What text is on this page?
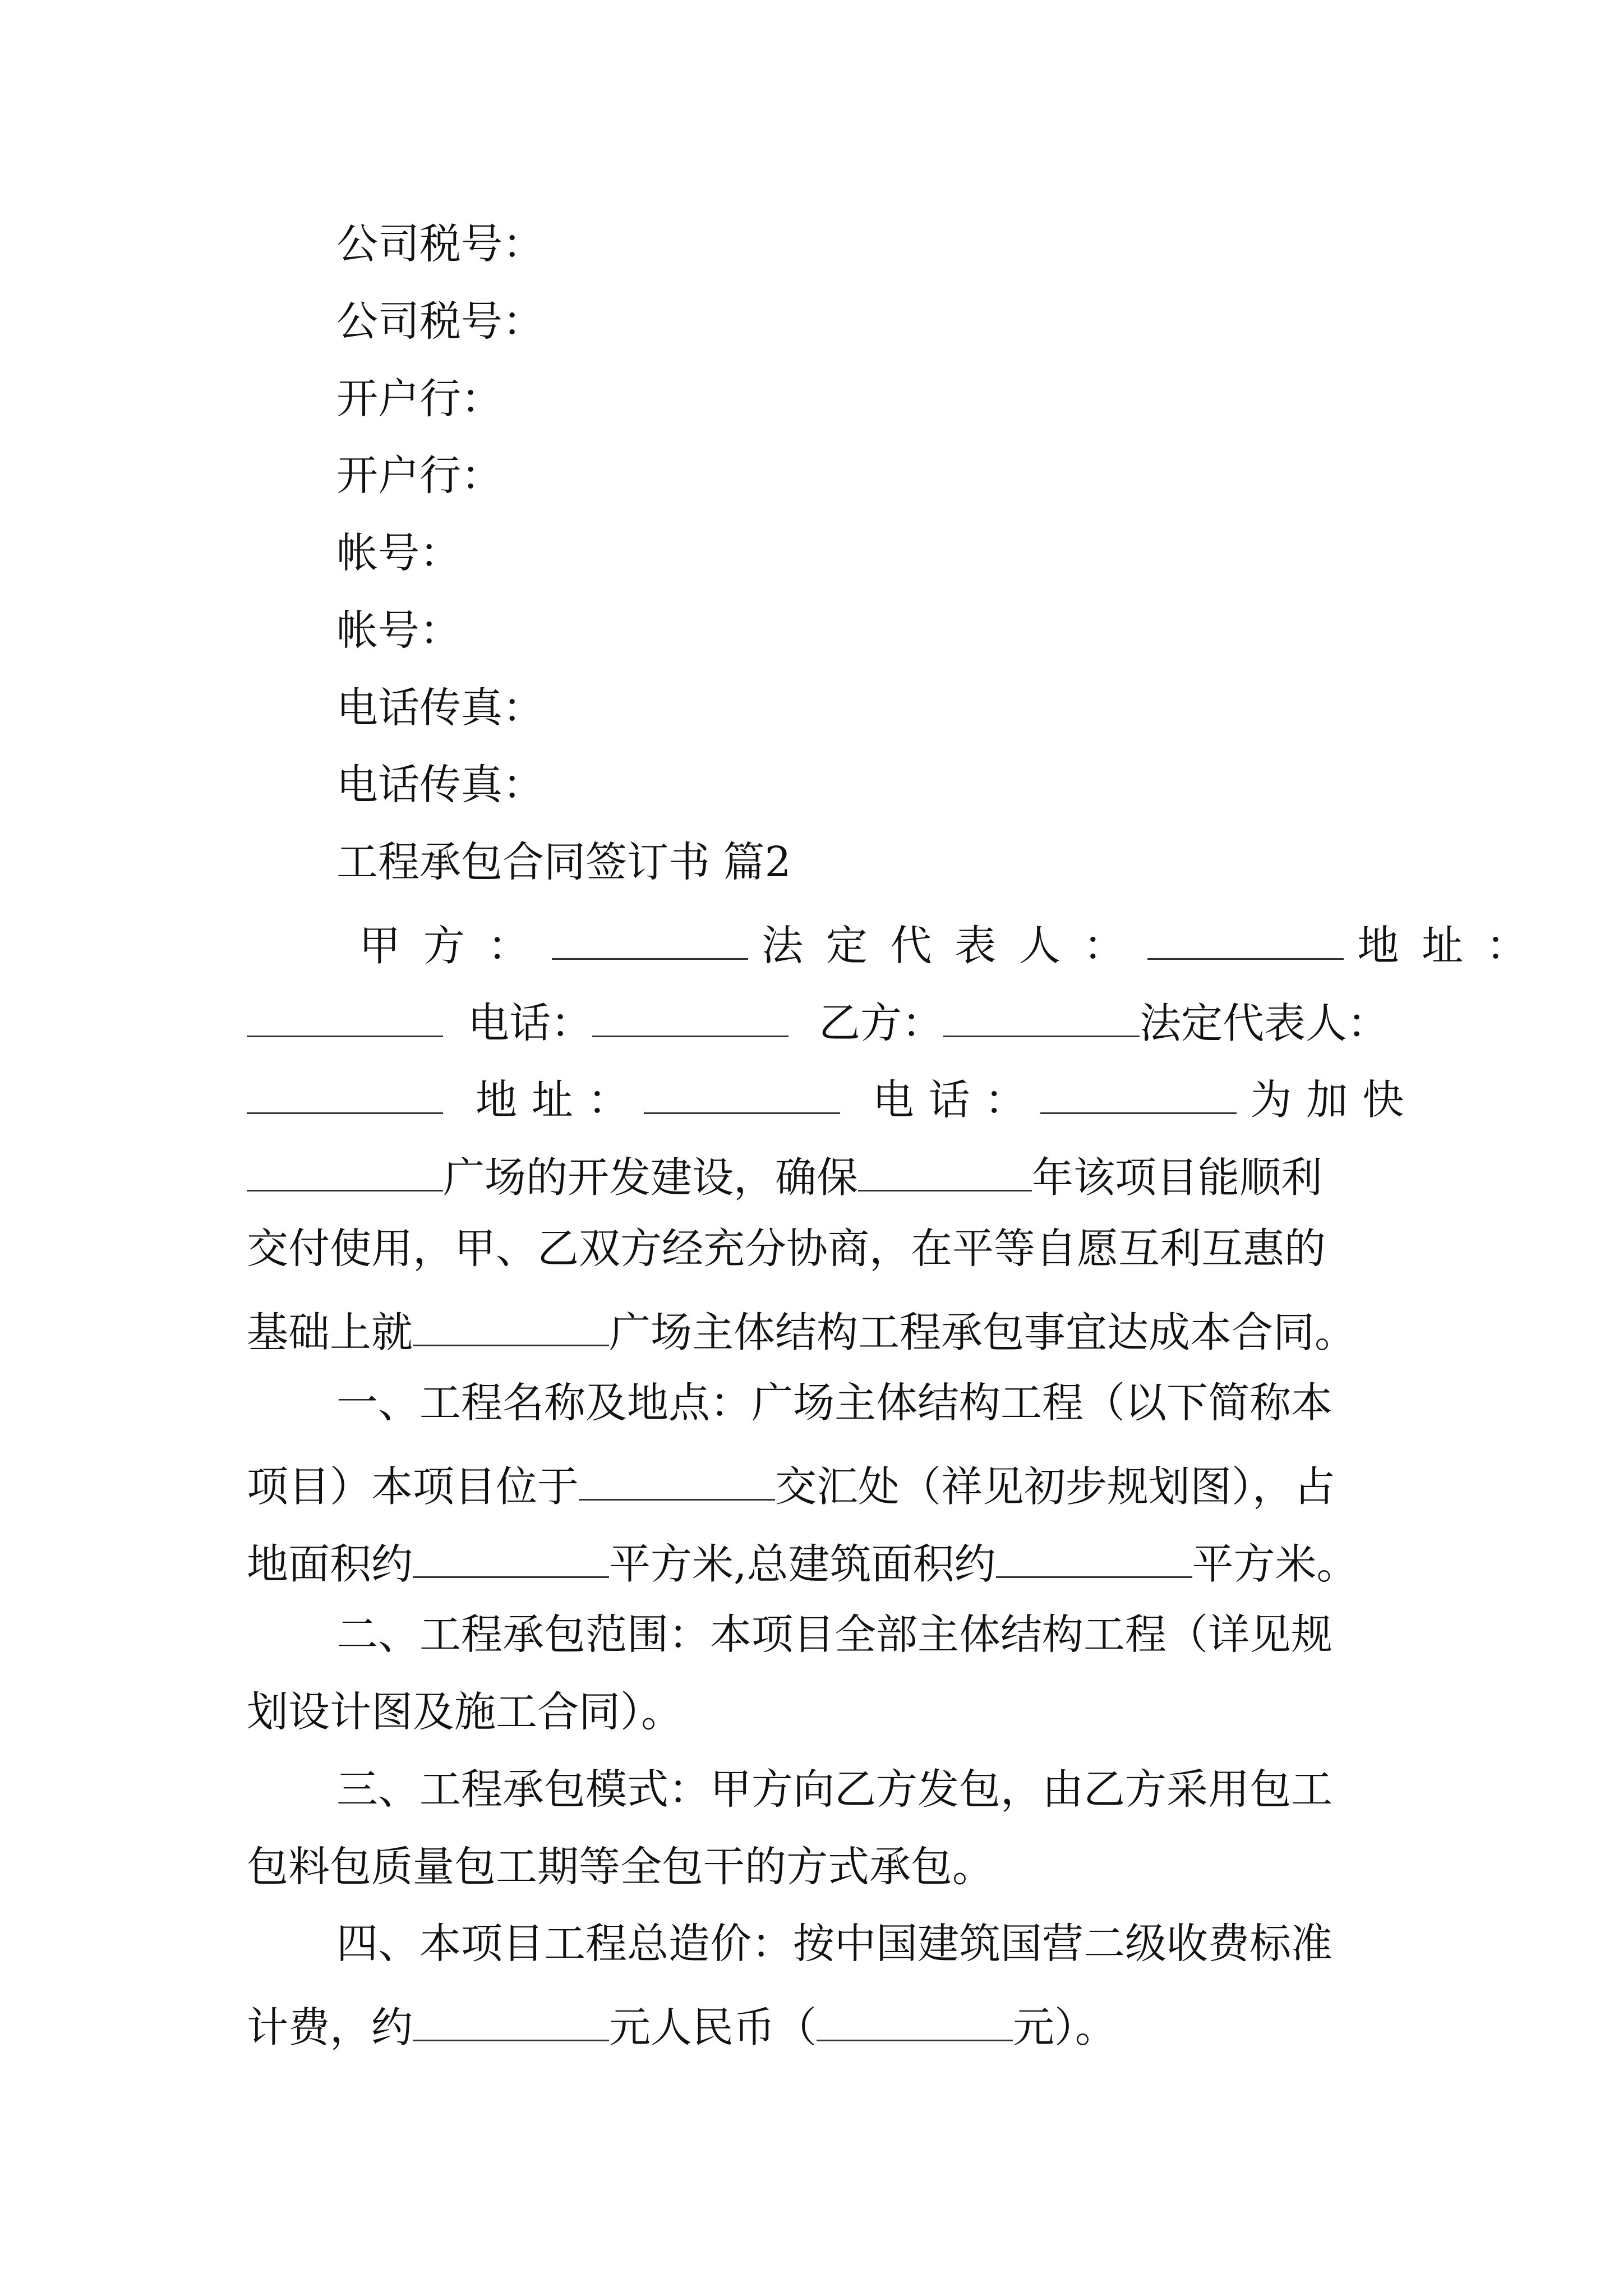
公司税号：
公司税号：
开户行：
开户行：
帐号：
帐号：
电话传真：
电话传真：
工程承包合同签订书 篇2
甲方：	法定代表人：	地址：
电话：	乙方：	法定代表人：
地址：	电话：	为加快
广场的开发建设，确保	年该项目能顺利
交付使用，甲、乙双方经充分协商，在平等自愿互利互惠的
基础上就	广场主体结构工程承包事宜达成本合同。
一、工程名称及地点：广场主体结构工程（以下简称本
项目）本项目位于	交汇处（祥见初步规划图），占
地面积约	平方米,总建筑面积约	平方米。
二、工程承包范围：本项目全部主体结构工程（详见规
划设计图及施工合同）。
三、工程承包模式：甲方向乙方发包，由乙方采用包工
包料包质量包工期等全包干的方式承包。
四、本项目工程总造价：按中国建筑国营二级收费标准
计费，约	元人民币（	元）。
